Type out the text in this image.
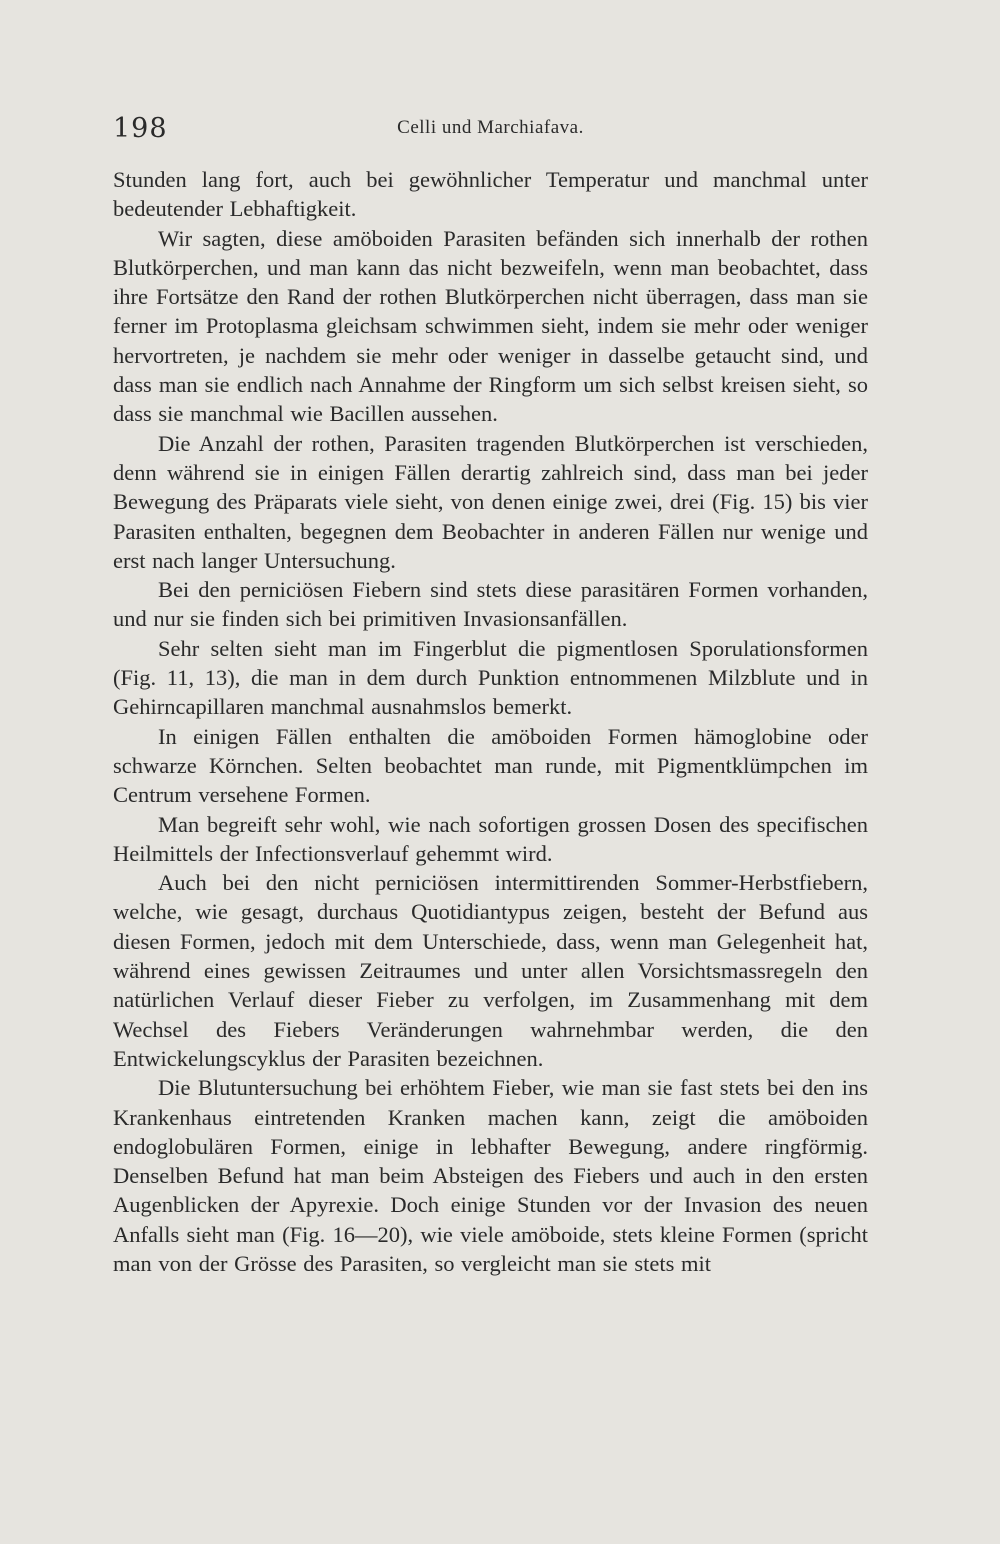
198	Celli und Marchiafava.

Stunden lang fort, auch bei gewöhnlicher Temperatur und manchmal unter bedeutender Lebhaftigkeit.

Wir sagten, diese amöboiden Parasiten befänden sich innerhalb der rothen Blutkörperchen, und man kann das nicht bezweifeln, wenn man beobachtet, dass ihre Fortsätze den Rand der rothen Blutkörperchen nicht überragen, dass man sie ferner im Protoplasma gleichsam schwimmen sieht, indem sie mehr oder weniger hervortreten, je nachdem sie mehr oder weniger in dasselbe getaucht sind, und dass man sie endlich nach Annahme der Ringform um sich selbst kreisen sieht, so dass sie manchmal wie Bacillen aussehen.

Die Anzahl der rothen, Parasiten tragenden Blutkörperchen ist verschieden, denn während sie in einigen Fällen derartig zahlreich sind, dass man bei jeder Bewegung des Präparats viele sieht, von denen einige zwei, drei (Fig. 15) bis vier Parasiten enthalten, begegnen dem Beobachter in anderen Fällen nur wenige und erst nach langer Untersuchung.

Bei den perniciösen Fiebern sind stets diese parasitären Formen vorhanden, und nur sie finden sich bei primitiven Invasionsanfällen.

Sehr selten sieht man im Fingerblut die pigmentlosen Sporulationsformen (Fig. 11, 13), die man in dem durch Punktion entnommenen Milzblute und in Gehirncapillaren manchmal ausnahmslos bemerkt.

In einigen Fällen enthalten die amöboiden Formen hämoglobine oder schwarze Körnchen. Selten beobachtet man runde, mit Pigmentklümpchen im Centrum versehene Formen.

Man begreift sehr wohl, wie nach sofortigen grossen Dosen des specifischen Heilmittels der Infectionsverlauf gehemmt wird.

Auch bei den nicht perniciösen intermittirenden Sommer-Herbstfiebern, welche, wie gesagt, durchaus Quotidiantypus zeigen, besteht der Befund aus diesen Formen, jedoch mit dem Unterschiede, dass, wenn man Gelegenheit hat, während eines gewissen Zeitraumes und unter allen Vorsichtsmassregeln den natürlichen Verlauf dieser Fieber zu verfolgen, im Zusammenhang mit dem Wechsel des Fiebers Veränderungen wahrnehmbar werden, die den Entwickelungscyklus der Parasiten bezeichnen.

Die Blutuntersuchung bei erhöhtem Fieber, wie man sie fast stets bei den ins Krankenhaus eintretenden Kranken machen kann, zeigt die amöboiden endoglobulären Formen, einige in lebhafter Bewegung, andere ringförmig. Denselben Befund hat man beim Absteigen des Fiebers und auch in den ersten Augenblicken der Apyrexie. Doch einige Stunden vor der Invasion des neuen Anfalls sieht man (Fig. 16—20), wie viele amöboide, stets kleine Formen (spricht man von der Grösse des Parasiten, so vergleicht man sie stets mit
